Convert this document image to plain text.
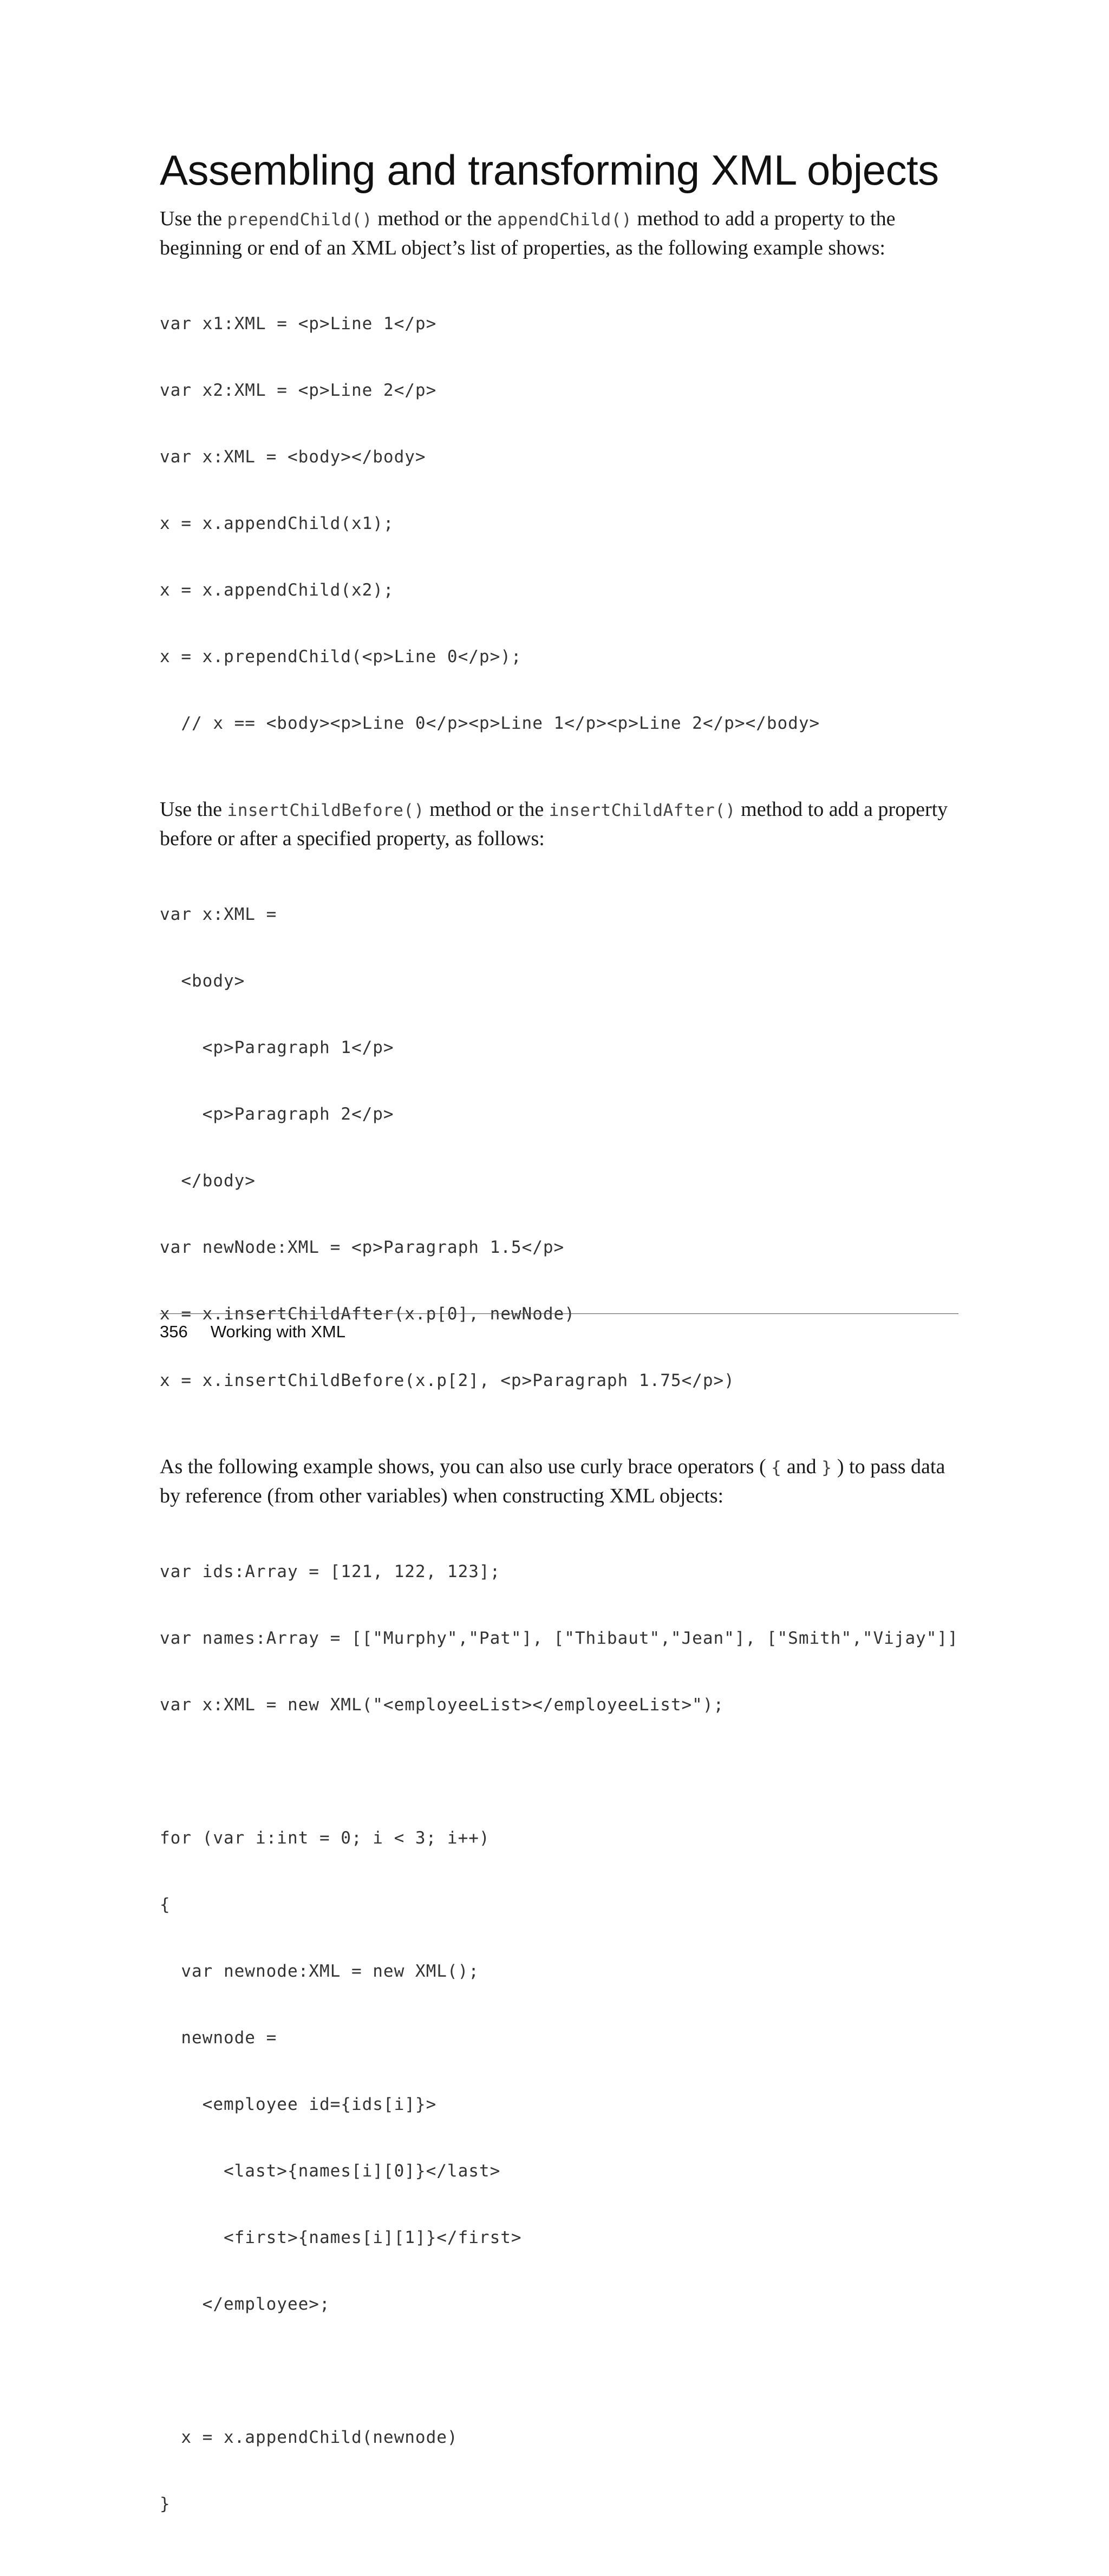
Assembling and transforming XML objects

Use the prependChild() method or the appendChild() method to add a property to the beginning or end of an XML object’s list of properties, as the following example shows:

var x1:XML = <p>Line 1</p>

var x2:XML = <p>Line 2</p>

var x:XML = <body></body>

x = x.appendChild(x1);

x = x.appendChild(x2);

x = x.prependChild(<p>Line 0</p>);

// x == <body><p>Line 0</p><p>Line 1</p><p>Line 2</p></body>

Use the insertChildBefore() method or the insertChildAfter() method to add a property before or after a specified property, as follows:

var x:XML =

<body>

<p>Paragraph 1</p>

<p>Paragraph 2</p>

</body>

var newNode:XML = <p>Paragraph 1.5</p>

x = x.insertChildAfter(x.p[0], newNode)

x = x.insertChildBefore(x.p[2], <p>Paragraph 1.75</p>)

As the following example shows, you can also use curly brace operators ( { and } ) to pass data by reference (from other variables) when constructing XML objects:

var ids:Array = [121, 122, 123];

var names:Array = [["Murphy","Pat"], ["Thibaut","Jean"], ["Smith","Vijay"]]

var x:XML = new XML("<employeeList></employeeList>");

for (var i:int = 0; i < 3; i++)

{

var newnode:XML = new XML();

newnode =

<employee id={ids[i]}>

<last>{names[i][0]}</last>

<first>{names[i][1]}</first>

</employee>;

x = x.appendChild(newnode)

}

356 Working with XML
